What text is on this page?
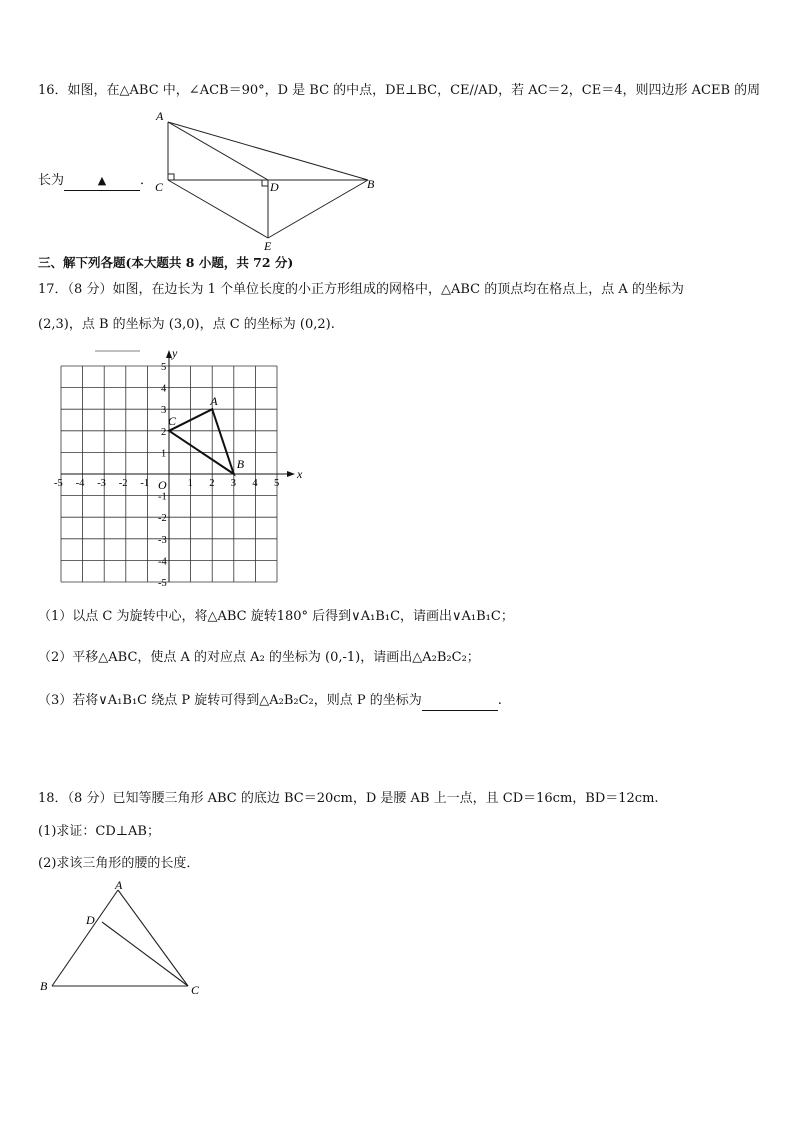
16．如图，在△ABC 中，∠ACB＝90°，D 是 BC 的中点，DE⊥BC，CE//AD，若 AC＝2，CE＝4，则四边形 ACEB 的周
长为	▲	．
A
C	D	B
E
三、解下列各题(本大题共 8 小题，共 72 分)
17．（8 分）如图，在边长为 1 个单位长度的小正方形组成的网格中，△ABC 的顶点均在格点上，点 A 的坐标为
(2,3)，点 B 的坐标为 (3,0)，点 C 的坐标为 (0,2).
-5 -4 -3 -2 -1	1 2 3 4 5
5
4
3
2
1
-1
-2
-3
-4
-5
A
B
C
x
y
O
（1）以点 C 为旋转中心，将△ABC 旋转180° 后得到∨A₁B₁C，请画出∨A₁B₁C；
（2）平移△ABC，使点 A 的对应点 A₂ 的坐标为 (0,-1)，请画出△A₂B₂C₂；
（3）若将∨A₁B₁C 绕点 P 旋转可得到△A₂B₂C₂，则点 P 的坐标为	.
18．（8 分）已知等腰三角形 ABC 的底边 BC＝20cm，D 是腰 AB 上一点，且 CD＝16cm，BD＝12cm.
(1)求证：CD⊥AB；
(2)求该三角形的腰的长度．
A
D
B	C
